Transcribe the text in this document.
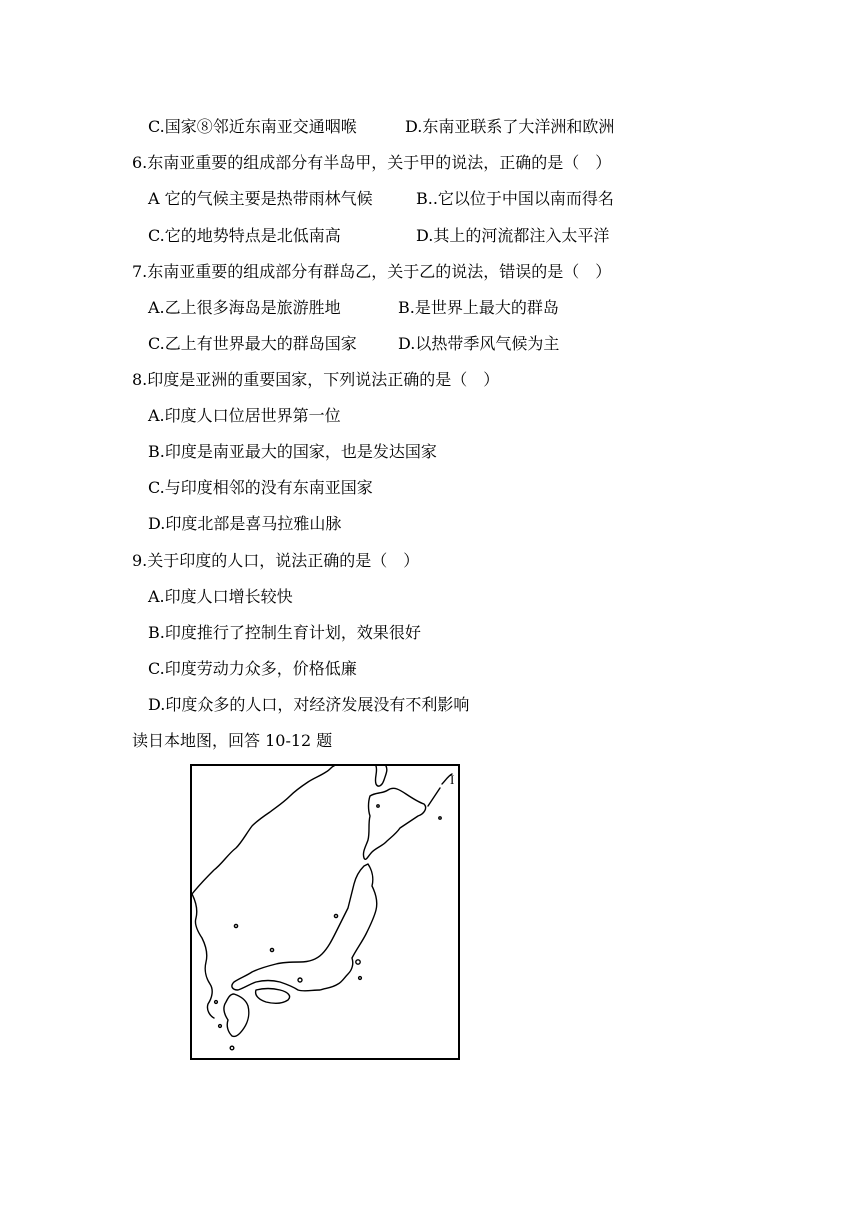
C.国家⑧邻近东南亚交通咽喉	D.东南亚联系了大洋洲和欧洲
6.东南亚重要的组成部分有半岛甲，关于甲的说法，正确的是（　）
A 它的气候主要是热带雨林气候	B..它以位于中国以南而得名
C.它的地势特点是北低南高	D.其上的河流都注入太平洋
7.东南亚重要的组成部分有群岛乙，关于乙的说法，错误的是（　）
A.乙上很多海岛是旅游胜地	B.是世界上最大的群岛
C.乙上有世界最大的群岛国家	D.以热带季风气候为主
8.印度是亚洲的重要国家，下列说法正确的是（　）
A.印度人口位居世界第一位
B.印度是南亚最大的国家，也是发达国家
C.与印度相邻的没有东南亚国家
D.印度北部是喜马拉雅山脉
9.关于印度的人口，说法正确的是（　）
A.印度人口增长较快
B.印度推行了控制生育计划，效果很好
C.印度劳动力众多，价格低廉
D.印度众多的人口，对经济发展没有不利影响
读日本地图，回答 10-12 题
I
